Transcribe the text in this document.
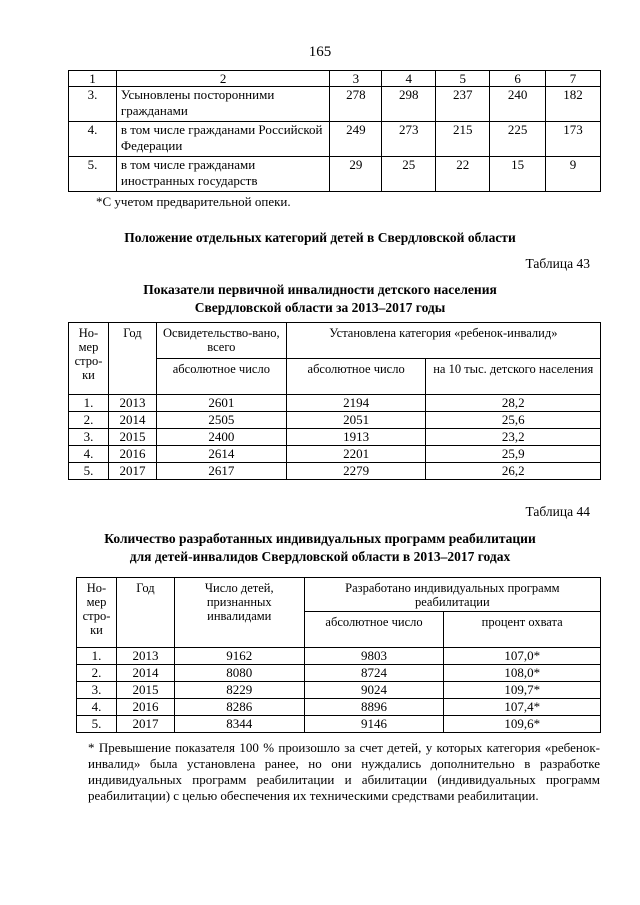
165
1	2	3	4	5	6	7
3.	Усыновлены посторонними гражданами	278	298	237	240	182
4.	в том числе гражданами Российской Федерации	249	273	215	225	173
5.	в том числе гражданами иностранных государств	29	25	22	15	9
*С учетом предварительной опеки.
Положение отдельных категорий детей в Свердловской области
Таблица 43
Показатели первичной инвалидности детского населения
Свердловской области за 2013–2017 годы
Но-мер стро-ки	Год	Освидетельство-вано, всего	Установлена категория «ребенок-инвалид»	
		абсолютное число	абсолютное число	на 10 тыс. детского населения
1.	2013	2601	2194	28,2
2.	2014	2505	2051	25,6
3.	2015	2400	1913	23,2
4.	2016	2614	2201	25,9
5.	2017	2617	2279	26,2
Таблица 44
Количество разработанных индивидуальных программ реабилитации
для детей-инвалидов Свердловской области в 2013–2017 годах
Но-мер стро-ки	Год	Число детей, признанных инвалидами	Разработано индивидуальных программ реабилитации	
			абсолютное число	процент охвата
1.	2013	9162	9803	107,0*
2.	2014	8080	8724	108,0*
3.	2015	8229	9024	109,7*
4.	2016	8286	8896	107,4*
5.	2017	8344	9146	109,6*
* Превышение показателя 100 % произошло за счет детей, у которых категория «ребенок-инвалид» была установлена ранее, но они нуждались дополнительно в разработке индивидуальных программ реабилитации и абилитации (индивидуальных программ реабилитации) с целью обеспечения их техническими средствами реабилитации.
